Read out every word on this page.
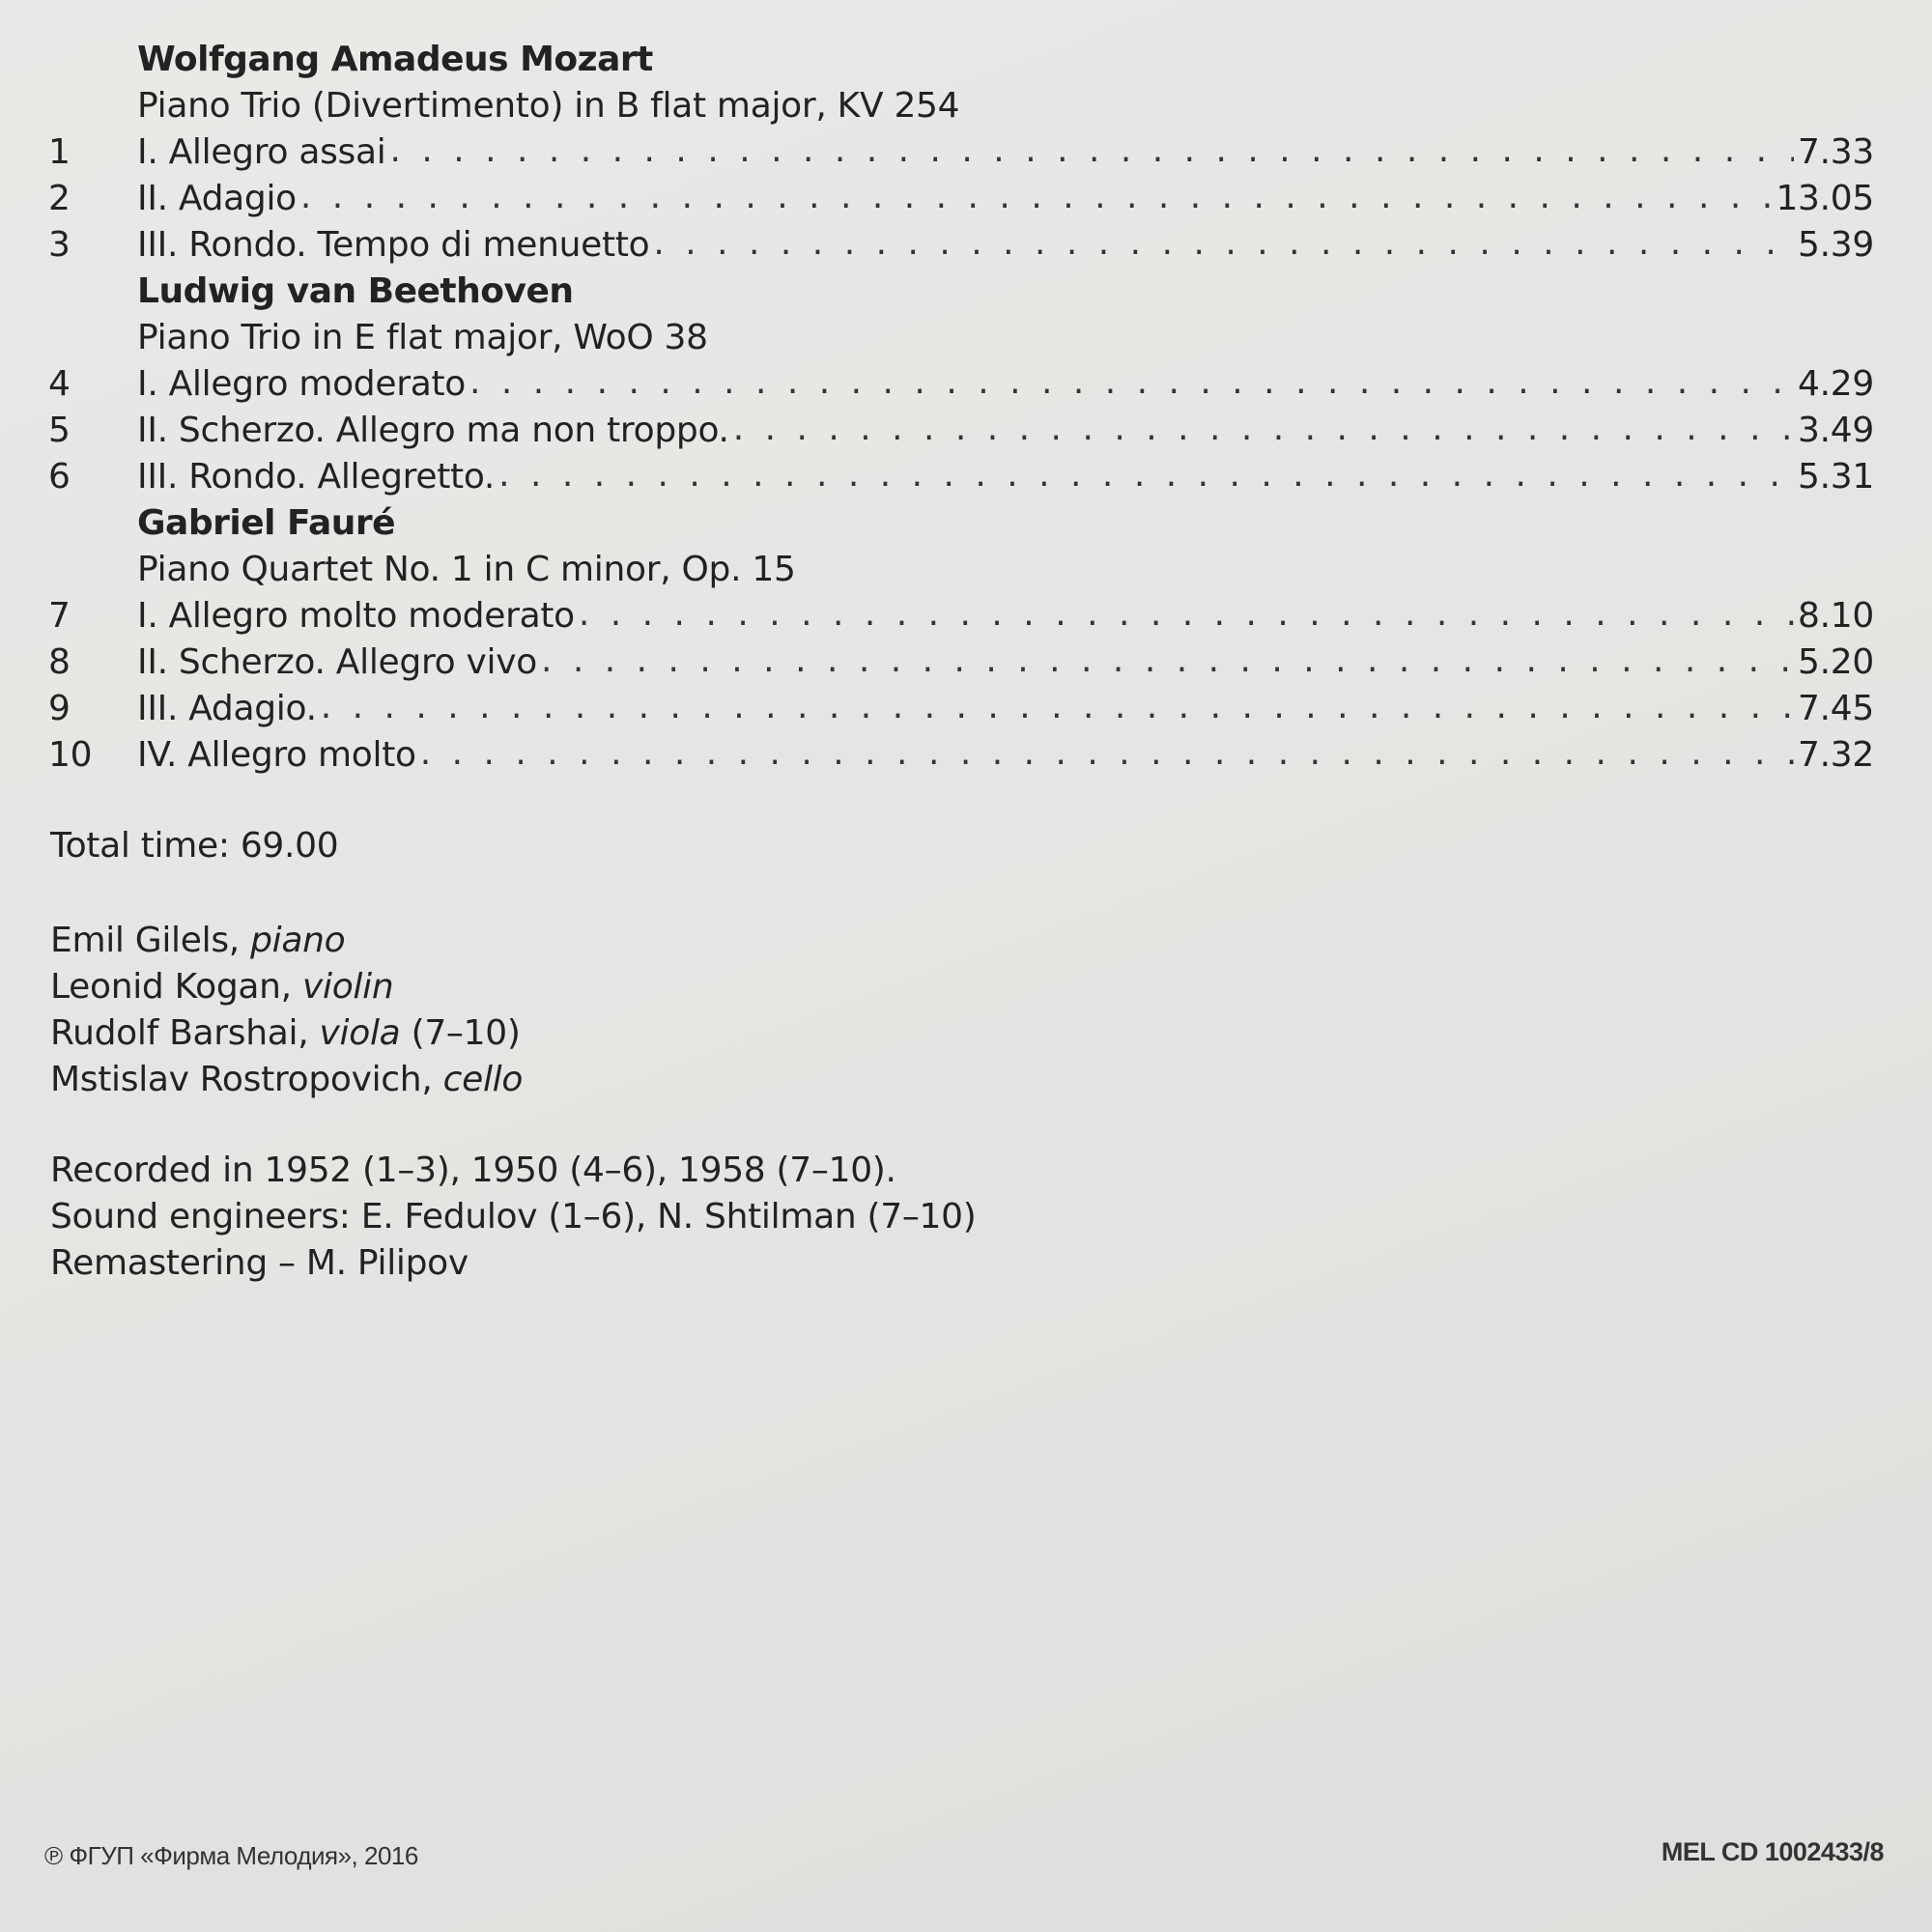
Wolfgang Amadeus Mozart
Piano Trio (Divertimento) in B flat major, KV 254
1	I. Allegro assai . . .	7.33
2	II. Adagio . . .	13.05
3	III. Rondo. Tempo di menuetto . . .	5.39
Ludwig van Beethoven
Piano Trio in E flat major, WoO 38
4	I. Allegro moderato . . .	4.29
5	II. Scherzo. Allegro ma non troppo. . . .	3.49
6	III. Rondo. Allegretto. . . .	5.31
Gabriel Fauré
Piano Quartet No. 1 in C minor, Op. 15
7	I. Allegro molto moderato . . .	8.10
8	II. Scherzo. Allegro vivo . . .	5.20
9	III. Adagio. . . .	7.45
10	IV. Allegro molto . . .	7.32
Total time: 69.00
Emil Gilels, piano
Leonid Kogan, violin
Rudolf Barshai, viola (7–10)
Mstislav Rostropovich, cello
Recorded in 1952 (1–3), 1950 (4–6), 1958 (7–10).
Sound engineers: E. Fedulov (1–6), N. Shtilman (7–10)
Remastering – M. Pilipov
℗ ФГУП «Фирма Мелодия», 2016	MEL CD 1002433/8
